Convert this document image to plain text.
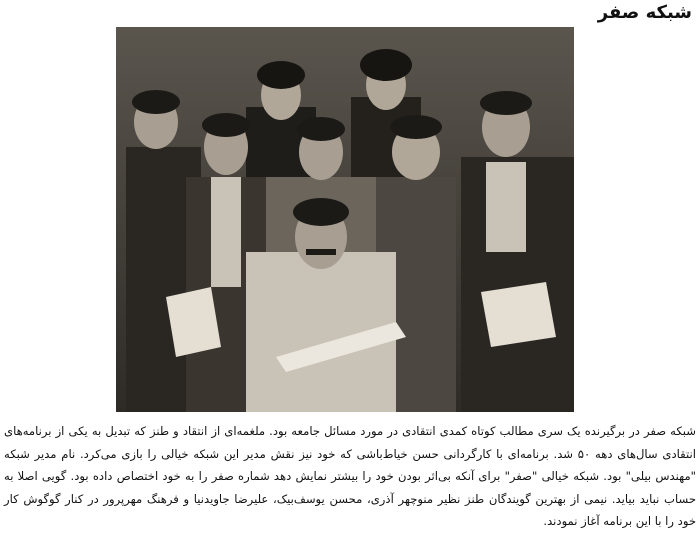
شبکه صفر

شبکه صفر در برگیرنده یک سری مطالب کوتاه کمدی انتقادی در مورد مسائل جامعه بود. ملغمه‌ای از انتقاد و طنز که تبدیل به یکی از برنامه‌های انتقادی سال‌های دهه ۵۰ شد. برنامه‌ای با کارگردانی حسن خیاط‌باشی که خود نیز نقش مدیر این شبکه خیالی را بازی می‌کرد. نام مدیر شبکه "مهندس بیلی" بود. شبکه خیالی "صفر" برای آنکه بی‌اثر بودن خود را بیشتر نمایش دهد شماره صفر را به خود اختصاص داده بود. گویی اصلا به حساب نباید بیاید. نیمی از بهترین گویندگان طنز نظیر منوچهر آذری، محسن یوسف‌بیک، علیرضا جاویدنیا و فرهنگ مهرپرور در کنار گوگوش کار خود را با این برنامه آغاز نمودند.
